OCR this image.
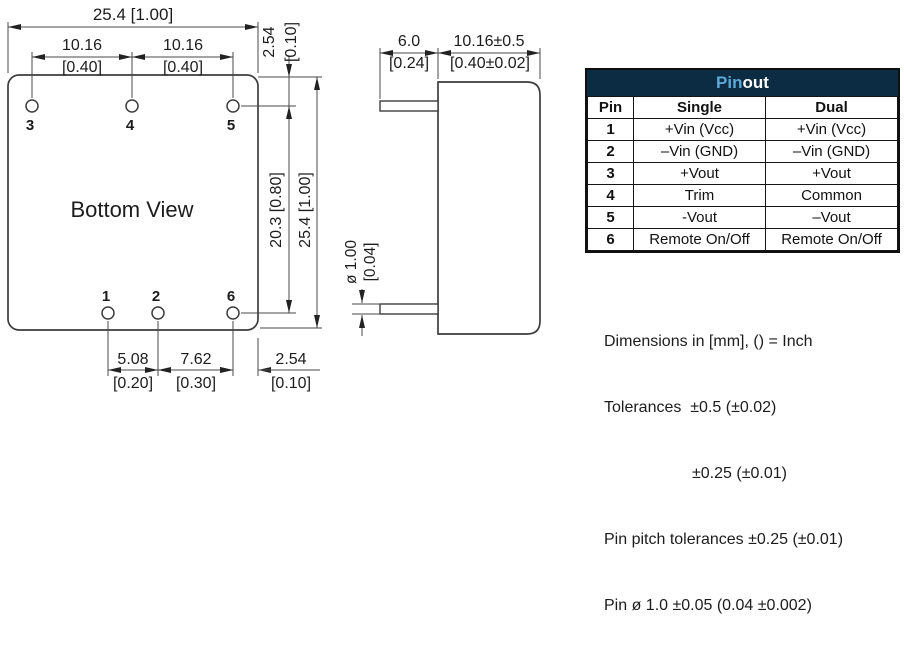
Bottom View
3	4	5
1	2	6
25.4 [1.00]
10.16
[0.40]
10.16
[0.40]
2.54 [0.10]
20.3 [0.80] 25.4 [1.00]
5.08
[0.20]
7.62
[0.30]
2.54
[0.10]
6.0
[0.24]
10.16±0.5
[0.40±0.02]
ø 1.00 [0.04]
Pinout
Pin	Single	Dual
1	+Vin (Vcc)	+Vin (Vcc)
2	–Vin (GND)	–Vin (GND)
3	+Vout	+Vout
4	Trim	Common
5	-Vout	–Vout
6	Remote On/Off	Remote On/Off

Dimensions in [mm], () = Inch

Tolerances  ±0.5 (±0.02)

±0.25 (±0.01)

Pin pitch tolerances ±0.25 (±0.01)

Pin ø 1.0 ±0.05 (0.04 ±0.002)
